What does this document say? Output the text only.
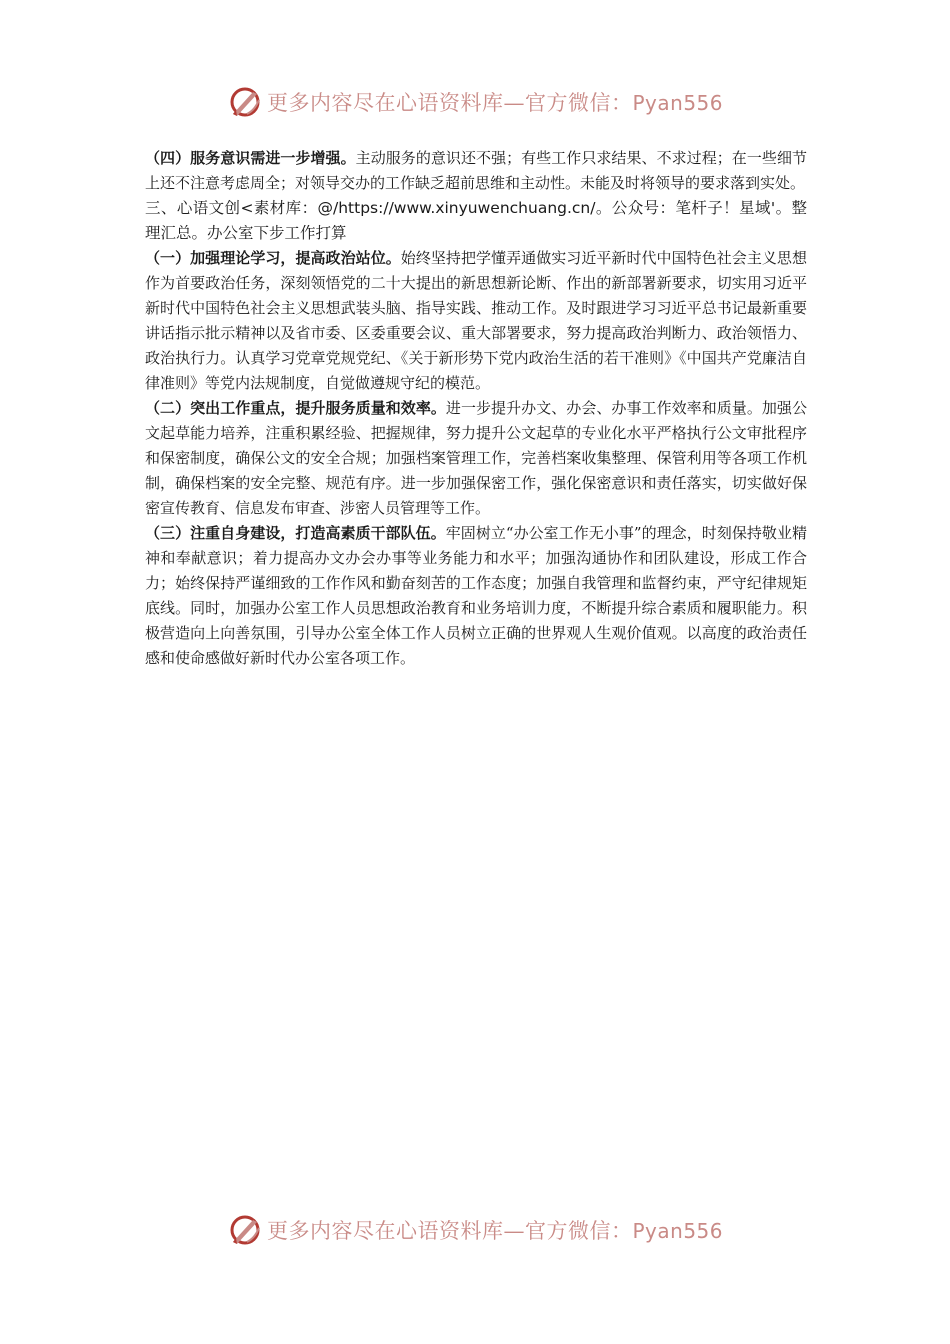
更多内容尽在心语资料库—官方微信：Pyan556

（四）服务意识需进一步增强。主动服务的意识还不强；有些工作只求结果、不求过程；在一些细节上还不注意考虑周全；对领导交办的工作缺乏超前思维和主动性。未能及时将领导的要求落到实处。

三、心语文创<素材库：@/https://www.xinyuwenchuang.cn/。公众号：笔杆子！星域'。整理汇总。办公室下步工作打算

（一）加强理论学习，提高政治站位。始终坚持把学懂弄通做实习近平新时代中国特色社会主义思想作为首要政治任务，深刻领悟党的二十大提出的新思想新论断、作出的新部署新要求，切实用习近平新时代中国特色社会主义思想武装头脑、指导实践、推动工作。及时跟进学习习近平总书记最新重要讲话指示批示精神以及省市委、区委重要会议、重大部署要求，努力提高政治判断力、政治领悟力、政治执行力。认真学习党章党规党纪、《关于新形势下党内政治生活的若干准则》《中国共产党廉洁自律准则》等党内法规制度，自觉做遵规守纪的模范。

（二）突出工作重点，提升服务质量和效率。进一步提升办文、办会、办事工作效率和质量。加强公文起草能力培养，注重积累经验、把握规律，努力提升公文起草的专业化水平严格执行公文审批程序和保密制度，确保公文的安全合规；加强档案管理工作，完善档案收集整理、保管利用等各项工作机制，确保档案的安全完整、规范有序。进一步加强保密工作，强化保密意识和责任落实，切实做好保密宣传教育、信息发布审查、涉密人员管理等工作。

（三）注重自身建设，打造高素质干部队伍。牢固树立“办公室工作无小事”的理念，时刻保持敬业精神和奉献意识；着力提高办文办会办事等业务能力和水平；加强沟通协作和团队建设，形成工作合力；始终保持严谨细致的工作作风和勤奋刻苦的工作态度；加强自我管理和监督约束，严守纪律规矩底线。同时，加强办公室工作人员思想政治教育和业务培训力度，不断提升综合素质和履职能力。积极营造向上向善氛围，引导办公室全体工作人员树立正确的世界观人生观价值观。以高度的政治责任感和使命感做好新时代办公室各项工作。

更多内容尽在心语资料库—官方微信：Pyan556
